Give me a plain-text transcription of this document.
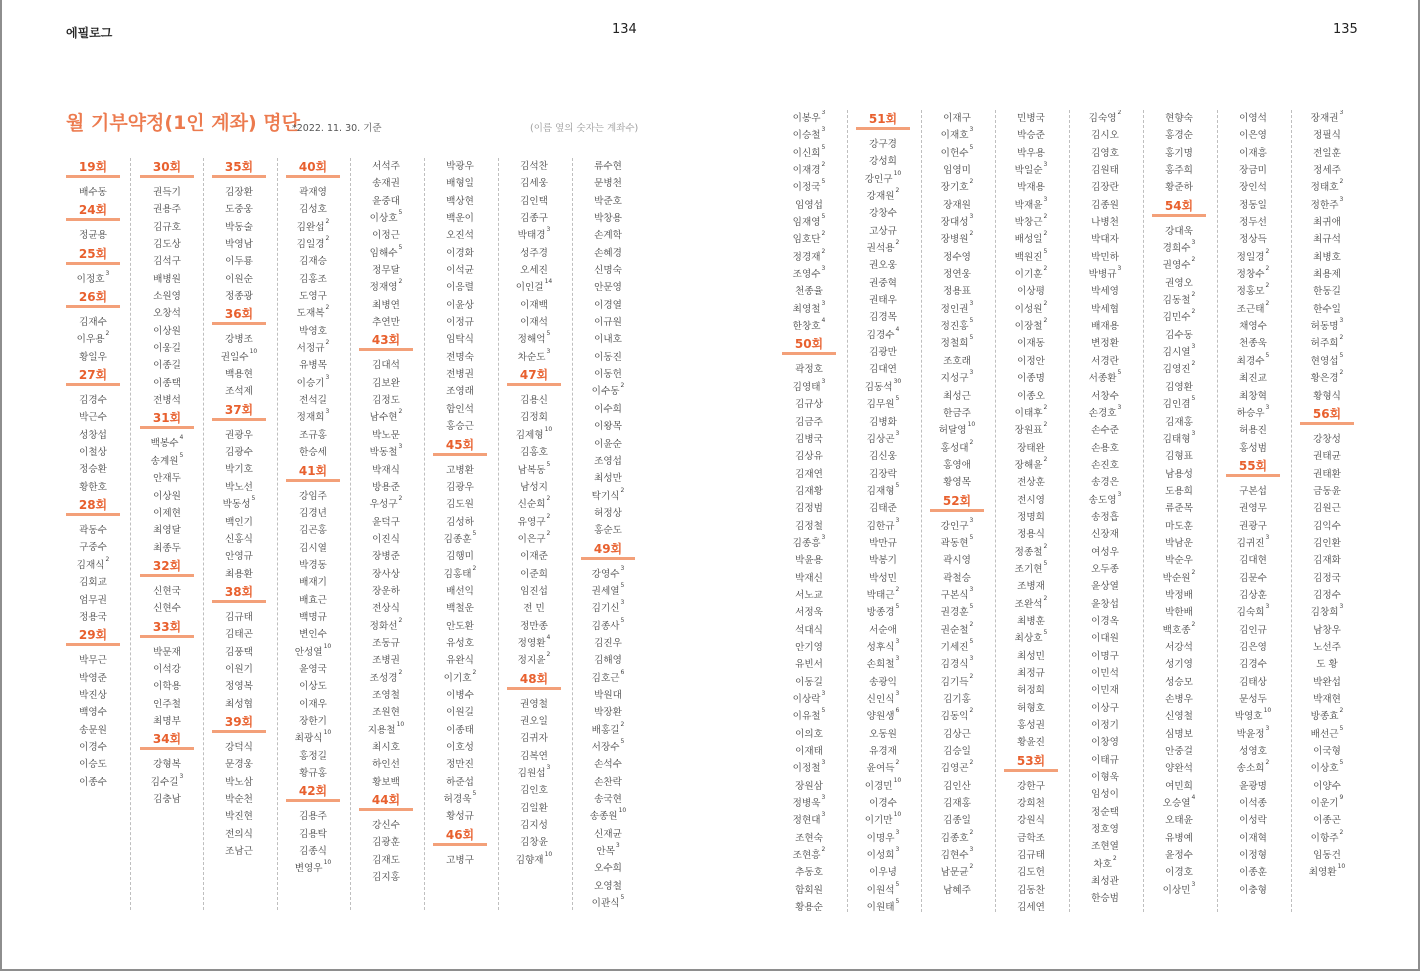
에필로그	134	135
월 기부약정(1인 계좌) 명단
*2022. 11. 30. 기준	(이름 옆의 숫자는 계좌수)
19회
배수동
24회
정균용
25회
이정호$^3$
26회
김재수
이우용$^2$
황일우
27회
김경수
박근수
성창섭
이철상
정승환
황한호
28회
곽동수
구중수
김재식$^2$
김회교
엄무권
정용국
29회
박무근
박영준
박진상
백영수
송문원
이경수
이승도
이종수
30회
권득기
권용주
김규호
김도상
김석구
배병원
소원영
오창석
이상원
이웅길
이종길
이종택
전병석
31회
백봉수$^4$
송계원$^5$
안재두
이상원
이제현
최영달
최종두
32회
신현국
신현수
33회
박문재
이석강
이학용
인주철
최명부
34회
강형복
김수길$^3$
김충남
35회
김장환
도중웅
박동술
박영남
이두룡
이원순
정종광
36회
강병조
권일수$^{10}$
백용현
조석제
37회
권광우
김광수
박기호
박노선
박동성$^5$
백인기
신홍식
안영규
최용환
38회
김규태
김태곤
김풍택
이원기
정영복
최성협
39회
강덕식
문경웅
박노삼
박순천
박진현
전의식
조남근
40회
곽재영
김성호
김완섭$^2$
김일경$^2$
김재승
김홍조
도영구
도재복$^2$
박영호
서정규$^2$
유병목
이승기$^3$
전석길
정재희$^3$
조규홍
한승세
41회
강임주
김경년
김곤홍
김시열
박경동
배재기
배효근
백명규
변인수
안성열$^{10}$
윤영국
이상도
이재우
장한기
최광식$^{10}$
홍정길
황규홍
42회
김용주
김용탁
김종식
변영우$^{10}$
서석주
송재권
윤중대
이상호$^5$
이정근
임해수$^5$
정무달
정재영$^2$
최병연
추연만
43회
김대석
김보완
김정도
남수현$^2$
박노문
박동철$^3$
박재식
방용준
우성구$^2$
윤덕구
이진식
장병준
장사상
장운하
전상식
정화선$^2$
조동규
조병권
조성경$^2$
조영철
조원현
지용철$^{10}$
최시호
하인선
황보백
44회
강신수
김광훈
김재도
김지홍
박광우
배형일
백상현
백운이
오진석
이경화
이석균
이응렬
이윤상
이정규
임탁식
전명숙
전병권
조영래
함인석
홍승근
45회
고병환
김광우
김도원
김성하
김종훈$^5$
김행미
김홍태$^2$
배선익
백철운
안도환
유성호
유완식
이기호$^2$
이병수
이원길
이종태
이호성
정만진
하준섭
허경욱$^5$
황성규
46회
고병구
김석찬
김세웅
김인택
김종구
박태경$^3$
성주경
오세진
이인걸$^{14}$
이재백
이재석
정해억$^5$
차순도$^3$
47회
김용신
김정회
김제형$^{10}$
김홍호
남복동$^5$
남성지
신순희$^2$
유영구$^2$
이은구$^2$
이재준
이준희
임진섭
전 민
정만종
정영환$^4$
정지윤$^2$
48회
권영철
권오일
김귀자
김복연
김원섭$^3$
김인호
김일환
김지성
김창윤
김향재$^{10}$
류수현
문병천
박준호
박창용
손계학
손혜경
신명숙
안문영
이경열
이규원
이내호
이동진
이동헌
이수동$^2$
이수희
이왕목
이윤순
조영섭
최성만
탁기식$^2$
허정상
홍순도
49회
강영수$^3$
권세열$^5$
김기신$^3$
김종사$^5$
김진우
김해영
김호근$^6$
박원대
박장환
배홍길$^2$
서장수$^5$
손석수
손찬락
송국현
송종원$^{10}$
신재균
안목$^3$
오수희
오영철
이관식$^5$
이봉우$^3$
이승철$^3$
이신희$^5$
이재경$^2$
이정국$^5$
임영섭
임재영$^5$
임호단$^2$
정경재$^2$
조영수$^3$
천종율
최영철$^3$
한창호$^4$
50회
곽정호
김영태$^3$
김규상
김금주
김병국
김상유
김재연
김재황
김정범
김정철
김종흥$^3$
박윤용
박재신
서노교
서정욱
석대식
안기영
유빈서
이동길
이상락$^3$
이유철$^5$
이의호
이재태
이정철$^3$
장원삼
정병욱$^3$
정현대$^3$
조현숙
조현흥$^2$
추동호
함회원
황용순
51회
강구경
강성희
강인구$^{10}$
강재원$^2$
강창수
고상규
권석용$^2$
권오웅
권중혁
권태우
김경목
김경수$^4$
김광만
김대연
김동석$^{30}$
김무원$^5$
김병화
김상곤$^3$
김신웅
김장락
김재형$^5$
김태준
김한규$^3$
박만규
박봉기
박성민
박태근$^2$
방종경$^5$
서순애
성후식$^3$
손희철$^3$
송광익
신인식$^3$
양원생$^6$
오동원
유경재
윤여득$^2$
이경민$^{10}$
이경수
이기만$^{10}$
이명우$^3$
이성희$^3$
이우녕
이원석$^5$
이원태$^5$
이재구
이재호$^3$
이헌수$^5$
임영미
장기호$^2$
장재원
장대성$^3$
장병원$^2$
정수영
정연웅
정용표
정인권$^3$
정진홍$^5$
정철희$^5$
조호래
지성구$^3$
최성근
한금주
허달영$^{10}$
홍성대$^2$
홍영애
황영목
52회
강인구$^3$
곽동현$^5$
곽시영
곽철승
구본식$^3$
권경훈$^5$
권순철$^2$
기세진$^5$
김경식$^3$
김기득$^2$
김기홍
김동익$^2$
김상근
김승일
김영곤$^2$
김인산
김재홍
김종일
김종호$^2$
김현수$^3$
남문균$^2$
남혜주
민병국
박승준
박우용
박일순$^3$
박재용
박재윤$^3$
박창근$^2$
배성일$^2$
백원진$^5$
이기훈$^2$
이상평
이성원$^2$
이장철$^2$
이재동
이정안
이종명
이종오
이태후$^2$
장원표$^2$
장태완
장해윤$^2$
전상훈
전시영
정명희
정용식
정종철$^2$
조기현$^5$
조병재
조완석$^2$
최병훈
최상호$^5$
최성민
최정규
허정희
허형호
홍성권
황윤진
53회
강한구
강희천
강원식
금학조
김규태
김도헌
김동찬
김세연
김숙영$^2$
김시오
김영호
김원태
김장란
김종원
나병천
박대자
박민하
박병규$^3$
박세영
박세협
배재용
변정환
서경란
서종환$^5$
서창수
손경호$^3$
손수준
손용호
손진호
송경은
송도영$^3$
송정흡
신장재
여성우
오두종
윤상열
윤창섭
이경옥
이대원
이명구
이민석
이민재
이상구
이정기
이창영
이태규
이형욱
임성이
정순택
정호영
조현열
차호$^2$
최성관
한승범
현향숙
홍경순
홍기명
홍주희
황준하
54회
강대욱
경희수$^3$
권영수$^2$
권영오
김동철$^2$
김민수$^2$
김수동
김시열$^3$
김영진$^2$
김영환
김인겸$^5$
김재홍
김태형$^3$
김형표
남용성
도용희
류준목
마도훈
박남운
박순우
박순원$^2$
박정배
박한배
백호종$^2$
서강석
성기영
성승모
손병우
신영철
심명보
안중걸
양완석
여민희
오승열$^4$
오태윤
유병예
윤정수
이경호
이상민$^3$
이영석
이은영
이재흥
장금미
장인석
정동일
정두선
정상득
정일경$^2$
정창수$^2$
정홍모$^2$
조근태$^2$
채영수
천종욱
최경수$^5$
최진교
최창혁
하승우$^3$
허용진
홍성범
55회
구본섭
권영무
권광구
김귀진$^3$
김대현
김문수
김상훈
김숙희$^3$
김인규
김은영
김경수
김태상
문성두
박영호$^{10}$
박윤정$^3$
성영호
송소희$^2$
윤광명
이석종
이성락
이재혁
이정형
이종훈
이충형
장재권$^3$
정필식
전일훈
정세주
정태호$^2$
정한주$^3$
최귀애
최규석
최병호
최용제
한동길
한수일
허동명$^3$
허주희$^2$
현영섭$^5$
황은경$^2$
황형식
56회
강창성
권태균
권태환
금동윤
김원근
김익수
김인환
김재화
김정국
김정수
김창희$^3$
남창우
노선주
도 황
박완섭
박재현
방종효$^2$
배선근$^5$
이국형
이상호$^5$
이양수
이운기$^9$
이종곤
이항주$^2$
임동건
최영환$^{10}$
